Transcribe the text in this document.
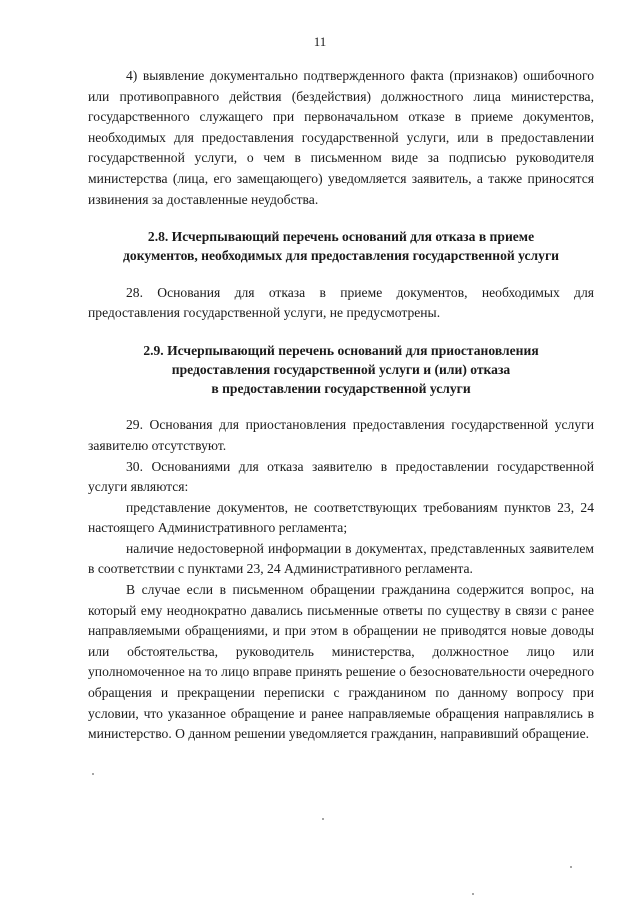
11

4) выявление документально подтвержденного факта (признаков) ошибочного или противоправного действия (бездействия) должностного лица министерства, государственного служащего при первоначальном отказе в приеме документов, необходимых для предоставления государственной услуги, или в предоставлении государственной услуги, о чем в письменном виде за подписью руководителя министерства (лица, его замещающего) уведомляется заявитель, а также приносятся извинения за доставленные неудобства.

2.8. Исчерпывающий перечень оснований для отказа в приеме
документов, необходимых для предоставления государственной услуги

28. Основания для отказа в приеме документов, необходимых для предоставления государственной услуги, не предусмотрены.

2.9. Исчерпывающий перечень оснований для приостановления
предоставления государственной услуги и (или) отказа
в предоставлении государственной услуги

29. Основания для приостановления предоставления государственной услуги заявителю отсутствуют.

30. Основаниями для отказа заявителю в предоставлении государственной услуги являются:

представление документов, не соответствующих требованиям пунктов 23, 24 настоящего Административного регламента;

наличие недостоверной информации в документах, представленных заявителем в соответствии с пунктами 23, 24 Административного регламента.

В случае если в письменном обращении гражданина содержится вопрос, на который ему неоднократно давались письменные ответы по существу в связи с ранее направляемыми обращениями, и при этом в обращении не приводятся новые доводы или обстоятельства, руководитель министерства, должностное лицо или уполномоченное на то лицо вправе принять решение о безосновательности очередного обращения и прекращении переписки с гражданином по данному вопросу при условии, что указанное обращение и ранее направляемые обращения направлялись в министерство. О данном решении уведомляется гражданин, направивший обращение.
